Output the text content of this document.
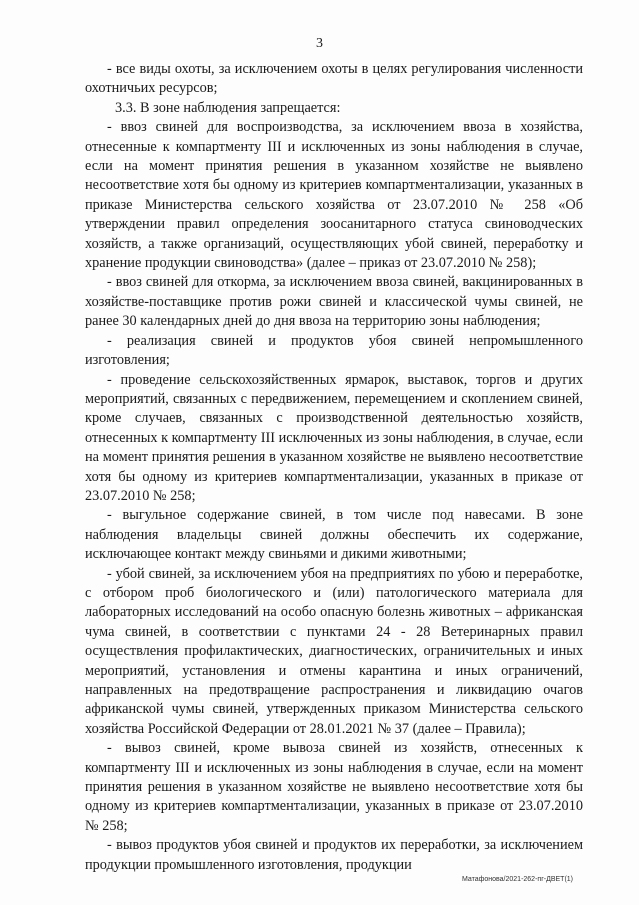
3

- все виды охоты, за исключением охоты в целях регулирования численности охотничьих ресурсов;

3.3. В зоне наблюдения запрещается:

- ввоз свиней для воспроизводства, за исключением ввоза в хозяйства, отнесенные к компартменту III и исключенных из зоны наблюдения в случае, если на момент принятия решения в указанном хозяйстве не выявлено несоответствие хотя бы одному из критериев компартментализации, указанных в приказе Министерства сельского хозяйства от 23.07.2010 № 258 «Об утверждении правил определения зоосанитарного статуса свиноводческих хозяйств, а также организаций, осуществляющих убой свиней, переработку и хранение продукции свиноводства» (далее – приказ от 23.07.2010 № 258);

- ввоз свиней для откорма, за исключением ввоза свиней, вакцинированных в хозяйстве-поставщике против рожи свиней и классической чумы свиней, не ранее 30 календарных дней до дня ввоза на территорию зоны наблюдения;

- реализация свиней и продуктов убоя свиней непромышленного изготовления;

- проведение сельскохозяйственных ярмарок, выставок, торгов и других мероприятий, связанных с передвижением, перемещением и скоплением свиней, кроме случаев, связанных с производственной деятельностью хозяйств, отнесенных к компартменту III исключенных из зоны наблюдения, в случае, если на момент принятия решения в указанном хозяйстве не выявлено несоответствие хотя бы одному из критериев компартментализации, указанных в приказе от 23.07.2010 № 258;

- выгульное содержание свиней, в том числе под навесами. В зоне наблюдения владельцы свиней должны обеспечить их содержание, исключающее контакт между свиньями и дикими животными;

- убой свиней, за исключением убоя на предприятиях по убою и переработке, с отбором проб биологического и (или) патологического материала для лабораторных исследований на особо опасную болезнь животных – африканская чума свиней, в соответствии с пунктами 24 - 28 Ветеринарных правил осуществления профилактических, диагностических, ограничительных и иных мероприятий, установления и отмены карантина и иных ограничений, направленных на предотвращение распространения и ликвидацию очагов африканской чумы свиней, утвержденных приказом Министерства сельского хозяйства Российской Федерации от 28.01.2021 № 37 (далее – Правила);

- вывоз свиней, кроме вывоза свиней из хозяйств, отнесенных к компартменту III и исключенных из зоны наблюдения в случае, если на момент принятия решения в указанном хозяйстве не выявлено несоответствие хотя бы одному из критериев компартментализации, указанных в приказе от 23.07.2010 № 258;

- вывоз продуктов убоя свиней и продуктов их переработки, за исключением продукции промышленного изготовления, продукции

Матафонова/2021-262-пг-ДВЕТ(1)
